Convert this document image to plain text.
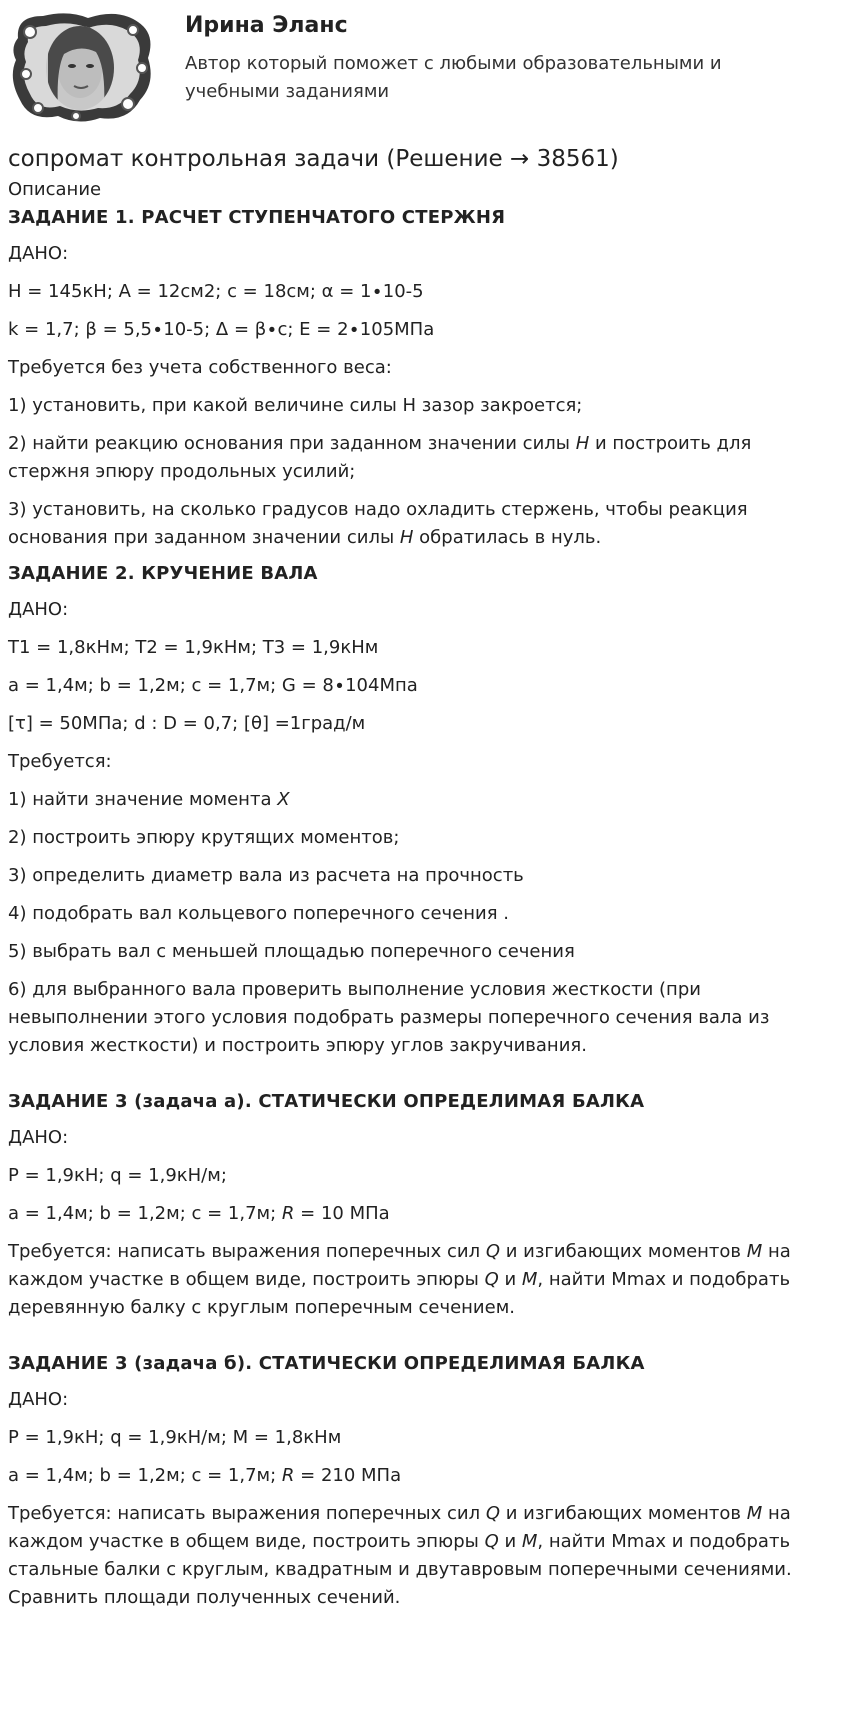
Ирина Эланс

Автор который поможет с любыми образовательными и учебными заданиями

сопромат контрольная задачи (Решение → 38561)
Описание
ЗАДАНИЕ 1. РАСЧЕТ СТУПЕНЧАТОГО СТЕРЖНЯ

ДАНО:

H = 145кН; A = 12см2; c = 18см; α = 1∙10-5

k = 1,7; β = 5,5∙10-5; Δ = β∙c; E = 2∙105МПа

Требуется без учета собственного веса:

1) установить, при какой величине силы H зазор закроется;

2) найти реакцию основания при заданном значении силы H и построить для стержня эпюру продольных усилий;

3) установить, на сколько градусов надо охладить стержень, чтобы реакция основания при заданном значении силы H обратилась в нуль.

ЗАДАНИЕ 2. КРУЧЕНИЕ ВАЛА

ДАНО:

T1 = 1,8кНм; T2 = 1,9кНм; T3 = 1,9кНм

a = 1,4м; b = 1,2м; c = 1,7м; G = 8∙104Мпа

[τ] = 50МПа; d : D = 0,7; [θ] =1град/м

Требуется:

1) найти значение момента X

2) построить эпюру крутящих моментов;

3) определить диаметр вала из расчета на прочность

4) подобрать вал кольцевого поперечного сечения .

5) выбрать вал с меньшей площадью поперечного сечения

6) для выбранного вала проверить выполнение условия жесткости (при невыполнении этого условия подобрать размеры поперечного сечения вала из условия жесткости) и построить эпюру углов закручивания.

ЗАДАНИЕ 3 (задача а). СТАТИЧЕСКИ ОПРЕДЕЛИМАЯ БАЛКА

ДАНО:

P = 1,9кН; q = 1,9кН/м;

a = 1,4м; b = 1,2м; c = 1,7м; R = 10 МПа

Требуется: написать выражения поперечных сил Q и изгибающих моментов M на каждом участке в общем виде, построить эпюры Q и M, найти Mmax и подобрать деревянную балку с круглым поперечным сечением.

ЗАДАНИЕ 3 (задача б). СТАТИЧЕСКИ ОПРЕДЕЛИМАЯ БАЛКА

ДАНО:

P = 1,9кН; q = 1,9кН/м; M = 1,8кНм

a = 1,4м; b = 1,2м; c = 1,7м; R = 210 МПа

Требуется: написать выражения поперечных сил Q и изгибающих моментов M на каждом участке в общем виде, построить эпюры Q и M, найти Mmax и подобрать стальные балки с круглым, квадратным и двутавровым поперечными сечениями. Сравнить площади полученных сечений.
